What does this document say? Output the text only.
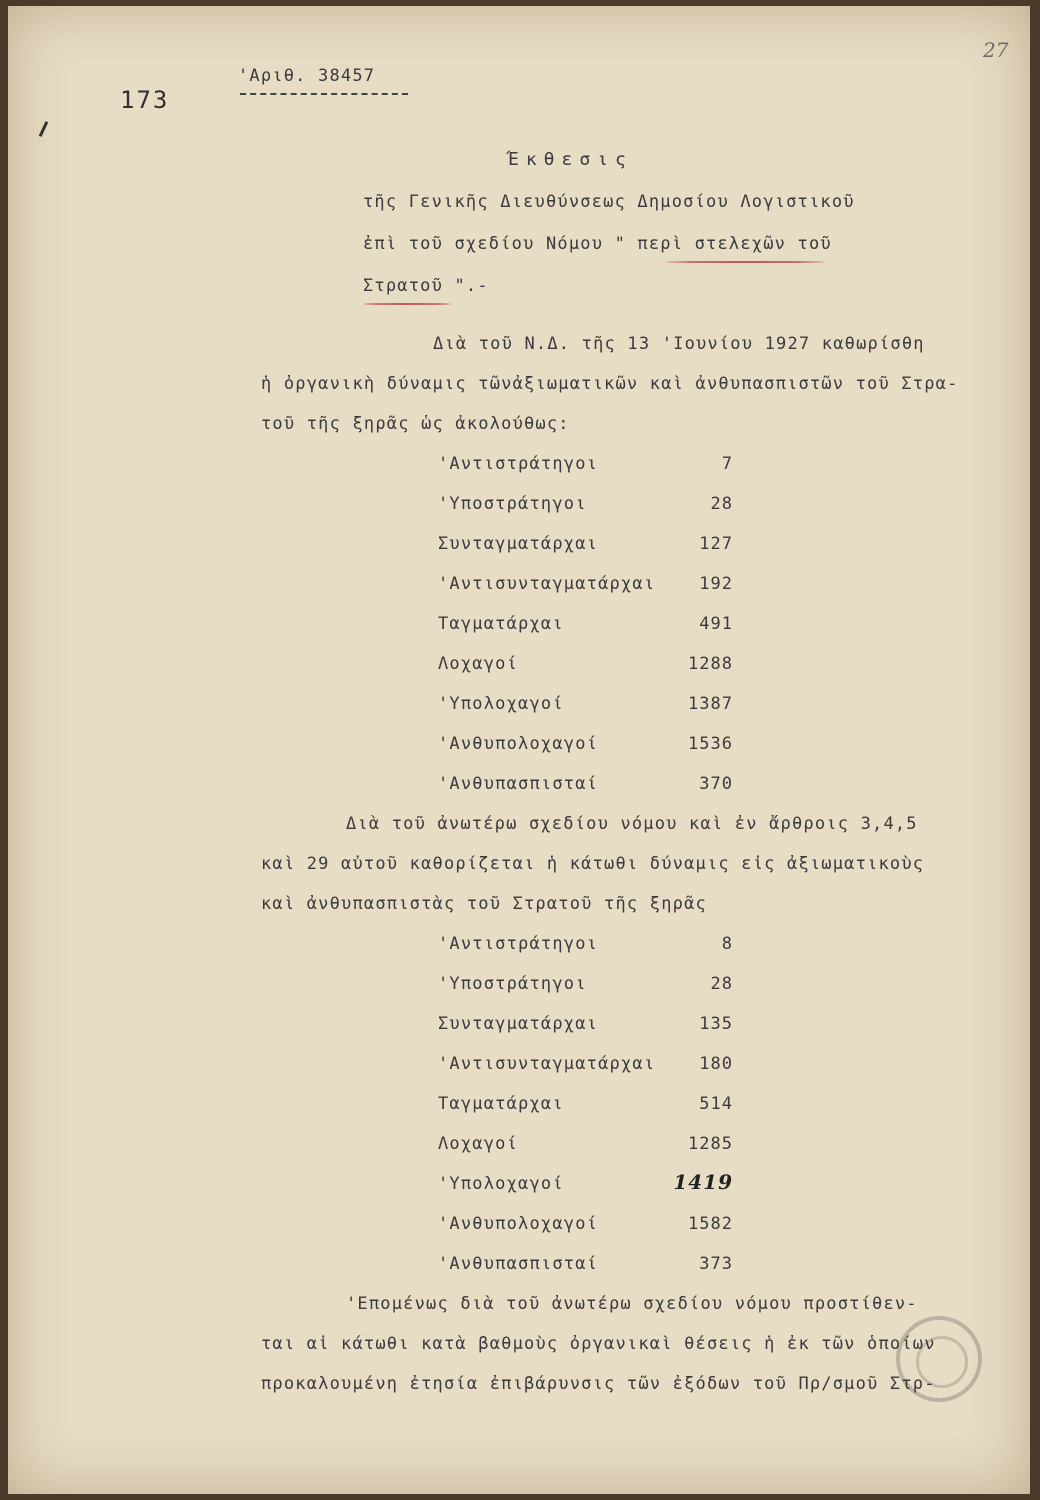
27
173
'Αριθ. 38457
Έκθεσις
τῆς Γενικῆς Διευθύνσεως Δημοσίου Λογιστικοῦ
ἐπὶ τοῦ σχεδίου Νόμου " περὶ στελεχῶν τοῦ
Στρατοῦ ".-
Διὰ τοῦ Ν.Δ. τῆς 13 'Ιουνίου 1927 καθωρίσθη
ἡ ὀργανικὴ δύναμις τῶνἀξιωματικῶν καὶ ἀνθυπασπιστῶν τοῦ Στρα-
τοῦ τῆς ξηρᾶς ὡς ἀκολούθως:
'Αντιστράτηγοι	7
'Υποστράτηγοι	28
Συνταγματάρχαι	127
'Αντισυνταγματάρχαι	192
Ταγματάρχαι	491
Λοχαγοί	1288
'Υπολοχαγοί	1387
'Ανθυπολοχαγοί	1536
'Ανθυπασπισταί	370
Διὰ τοῦ ἀνωτέρω σχεδίου νόμου καὶ ἐν ἄρθροις 3,4,5
καὶ 29 αὐτοῦ καθορίζεται ἡ κάτωθι δύναμις εἰς ἀξιωματικοὺς
καὶ ἀνθυπασπιστὰς τοῦ Στρατοῦ τῆς ξηρᾶς
'Αντιστράτηγοι	8
'Υποστράτηγοι	28
Συνταγματάρχαι	135
'Αντισυνταγματάρχαι	180
Ταγματάρχαι	514
Λοχαγοί	1285
'Υπολοχαγοί	1419
'Ανθυπολοχαγοί	1582
'Ανθυπασπισταί	373
'Επομένως διὰ τοῦ ἀνωτέρω σχεδίου νόμου προστίθεν-
ται αἱ κάτωθι κατὰ βαθμοὺς ὀργανικαὶ θέσεις ἡ ἐκ τῶν ὁποίων
προκαλουμένη ἐτησία ἐπιβάρυνσις τῶν ἐξόδων τοῦ Πρ/σμοῦ Στρ-
